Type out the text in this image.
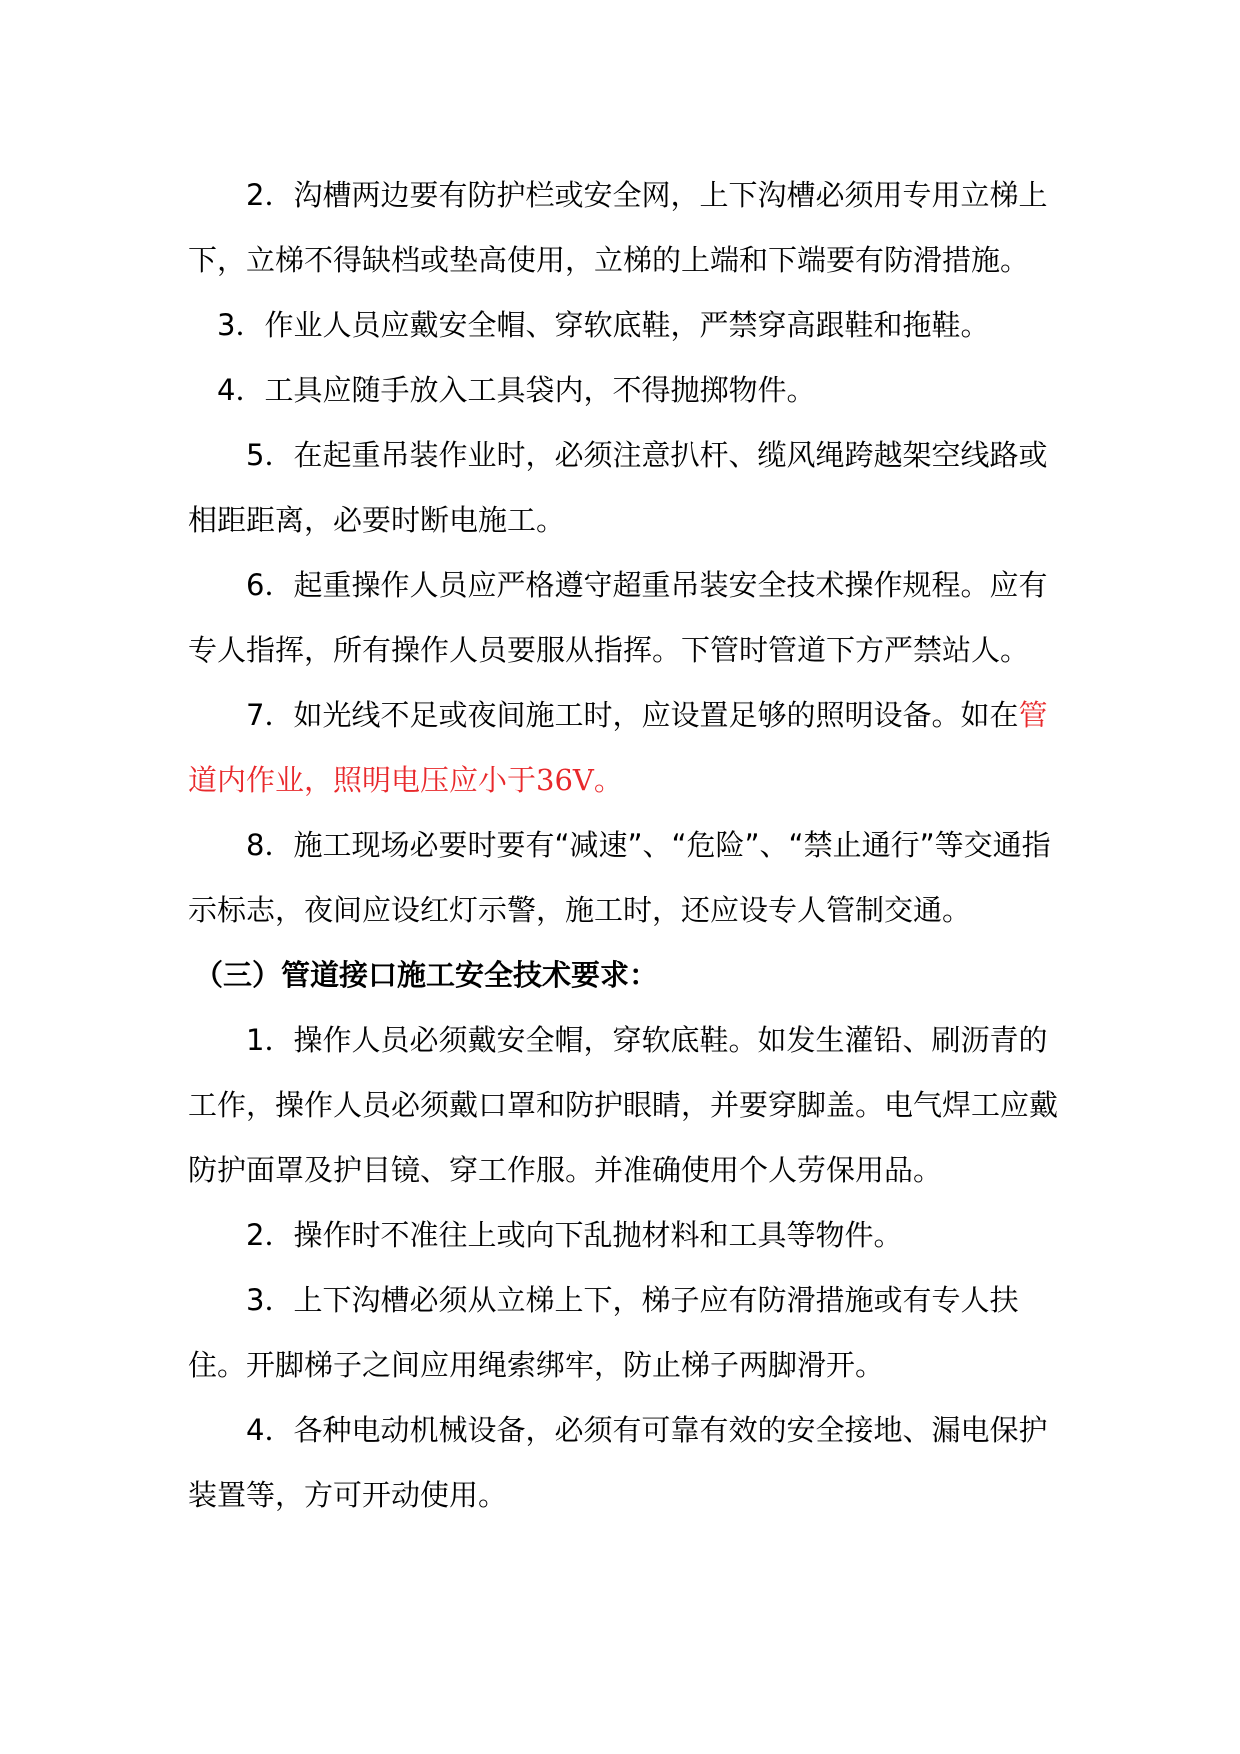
2．沟槽两边要有防护栏或安全网，上下沟槽必须用专用立梯上下，立梯不得缺档或垫高使用，立梯的上端和下端要有防滑措施。

3．作业人员应戴安全帽、穿软底鞋，严禁穿高跟鞋和拖鞋。

4．工具应随手放入工具袋内，不得抛掷物件。

5．在起重吊装作业时，必须注意扒杆、缆风绳跨越架空线路或相距距离，必要时断电施工。

6．起重操作人员应严格遵守超重吊装安全技术操作规程。应有专人指挥，所有操作人员要服从指挥。下管时管道下方严禁站人。

7．如光线不足或夜间施工时，应设置足够的照明设备。如在管道内作业，照明电压应小于36V。

8．施工现场必要时要有“减速”、“危险”、“禁止通行”等交通指示标志，夜间应设红灯示警，施工时，还应设专人管制交通。

（三）管道接口施工安全技术要求：

1．操作人员必须戴安全帽，穿软底鞋。如发生灌铅、刷沥青的工作，操作人员必须戴口罩和防护眼睛，并要穿脚盖。电气焊工应戴防护面罩及护目镜、穿工作服。并准确使用个人劳保用品。

2．操作时不准往上或向下乱抛材料和工具等物件。

3．上下沟槽必须从立梯上下，梯子应有防滑措施或有专人扶住。开脚梯子之间应用绳索绑牢，防止梯子两脚滑开。

4．各种电动机械设备，必须有可靠有效的安全接地、漏电保护装置等，方可开动使用。
